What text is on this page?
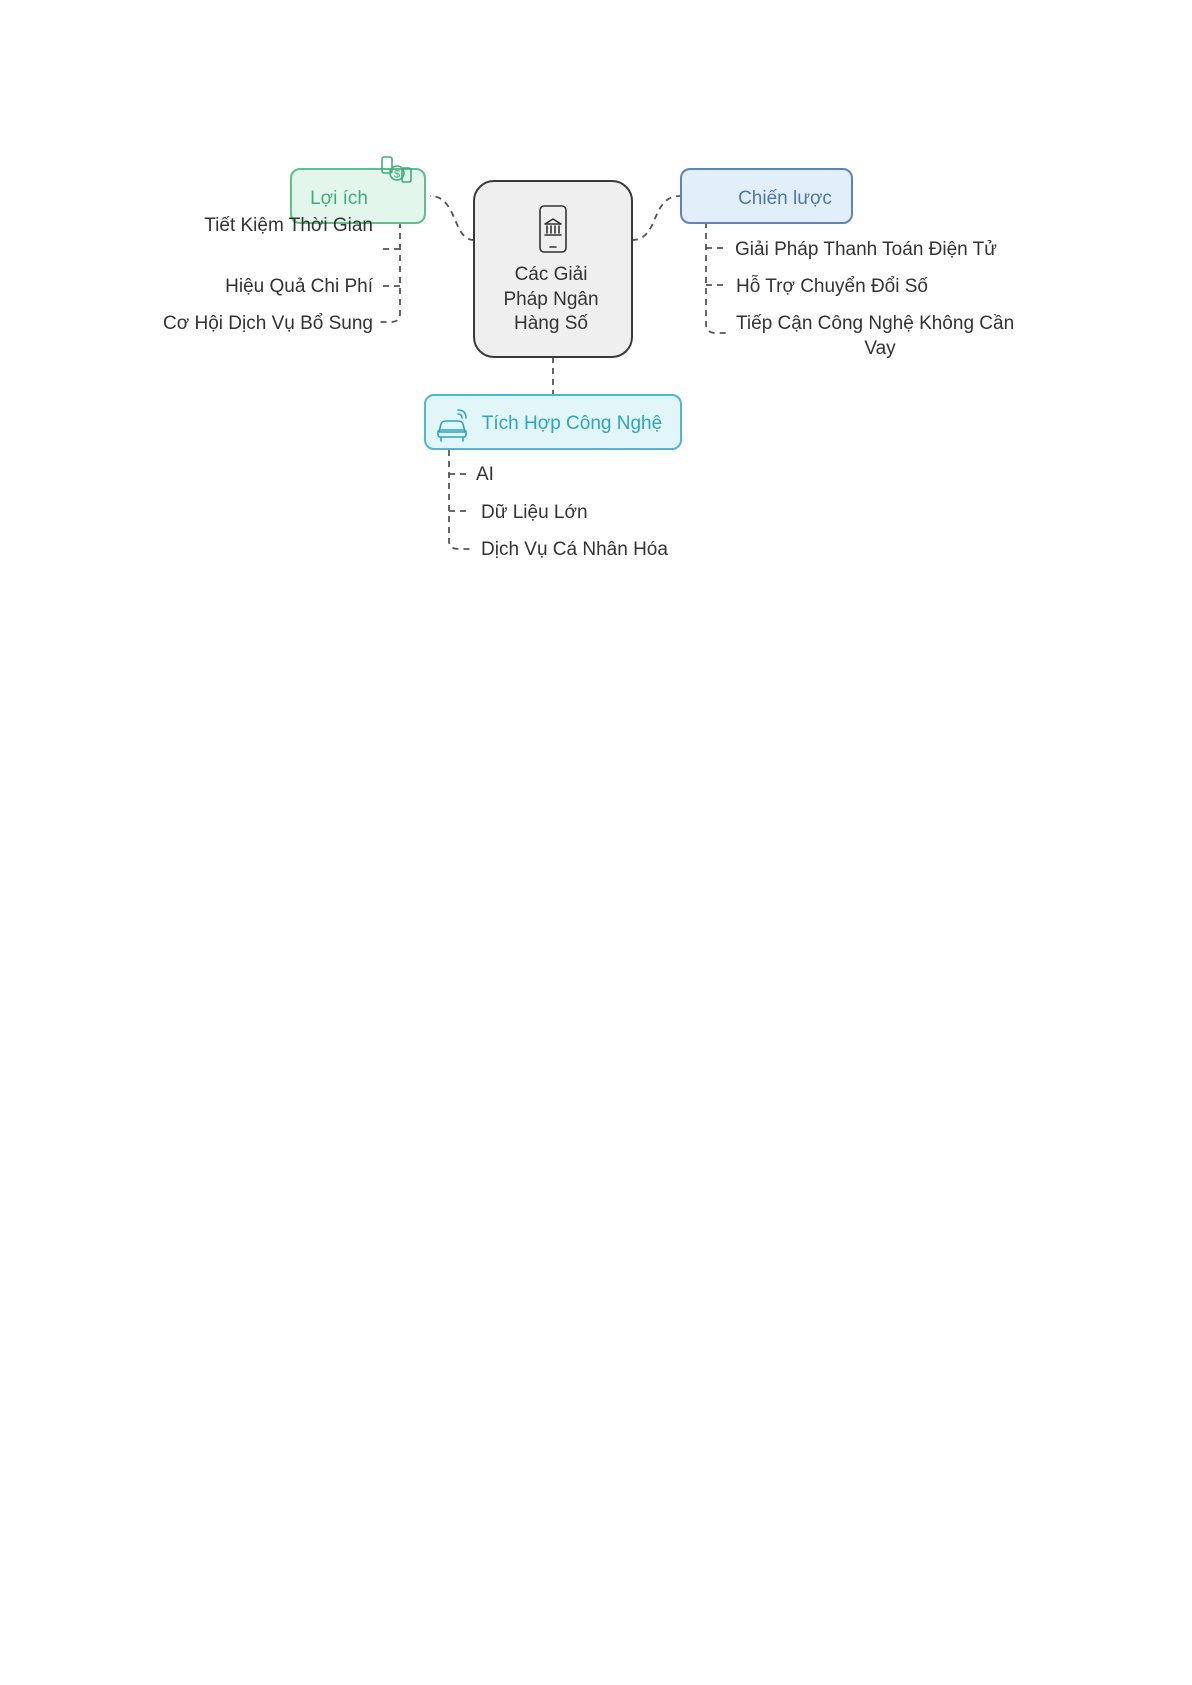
Các Giải
Pháp Ngân
Hàng Số
Lợi ích
$
Tiết Kiệm Thời Gian
Hiệu Quả Chi Phí
Cơ Hội Dịch Vụ Bổ Sung
Chiến lược
Giải Pháp Thanh Toán Điện Tử
Hỗ Trợ Chuyển Đổi Số
Tiếp Cận Công Nghệ Không Cần
Vay
Tích Hợp Công Nghệ
AI
Dữ Liệu Lớn
Dịch Vụ Cá Nhân Hóa
